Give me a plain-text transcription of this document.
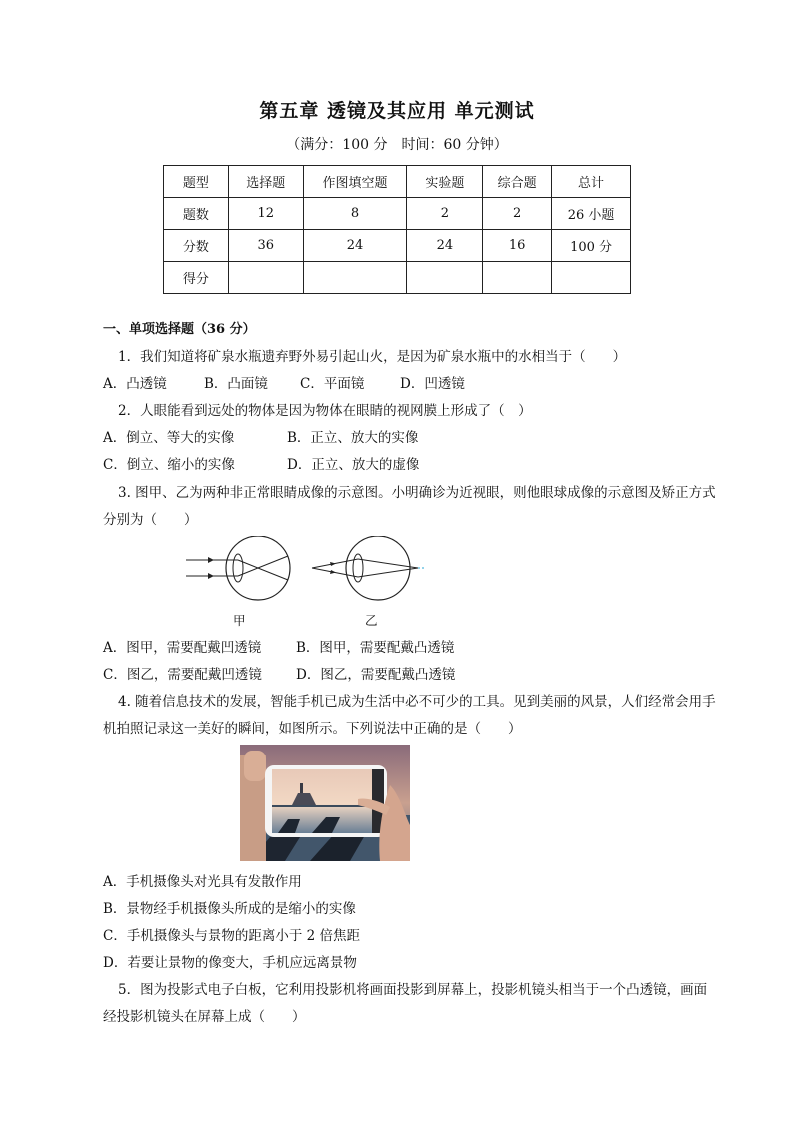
第五章 透镜及其应用 单元测试
（满分：100 分　时间：60 分钟）
题型	选择题	作图填空题	实验题	综合题	总计
题数	12	8	2	2	26 小题
分数	36	24	24	16	100 分
得分					
一、单项选择题（36 分）
1．我们知道将矿泉水瓶遗弃野外易引起山火，是因为矿泉水瓶中的水相当于（　　）
A．凸透镜	B．凸面镜 C．平面镜	D．凹透镜
2．人眼能看到远处的物体是因为物体在眼睛的视网膜上形成了（　）
A．倒立、等大的实像	B．正立、放大的实像
C．倒立、缩小的实像	D．正立、放大的虚像
3. 图甲、乙为两种非正常眼睛成像的示意图。小明确诊为近视眼，则他眼球成像的示意图及矫正方式
分别为（　　）
甲	乙
A．图甲，需要配戴凹透镜	B．图甲，需要配戴凸透镜
C．图乙，需要配戴凹透镜	D．图乙，需要配戴凸透镜
4. 随着信息技术的发展，智能手机已成为生活中必不可少的工具。见到美丽的风景，人们经常会用手
机拍照记录这一美好的瞬间，如图所示。下列说法中正确的是（　　）
A．手机摄像头对光具有发散作用
B．景物经手机摄像头所成的是缩小的实像
C．手机摄像头与景物的距离小于 2 倍焦距
D．若要让景物的像变大，手机应远离景物
5．图为投影式电子白板，它利用投影机将画面投影到屏幕上，投影机镜头相当于一个凸透镜，画面
经投影机镜头在屏幕上成（　　）
